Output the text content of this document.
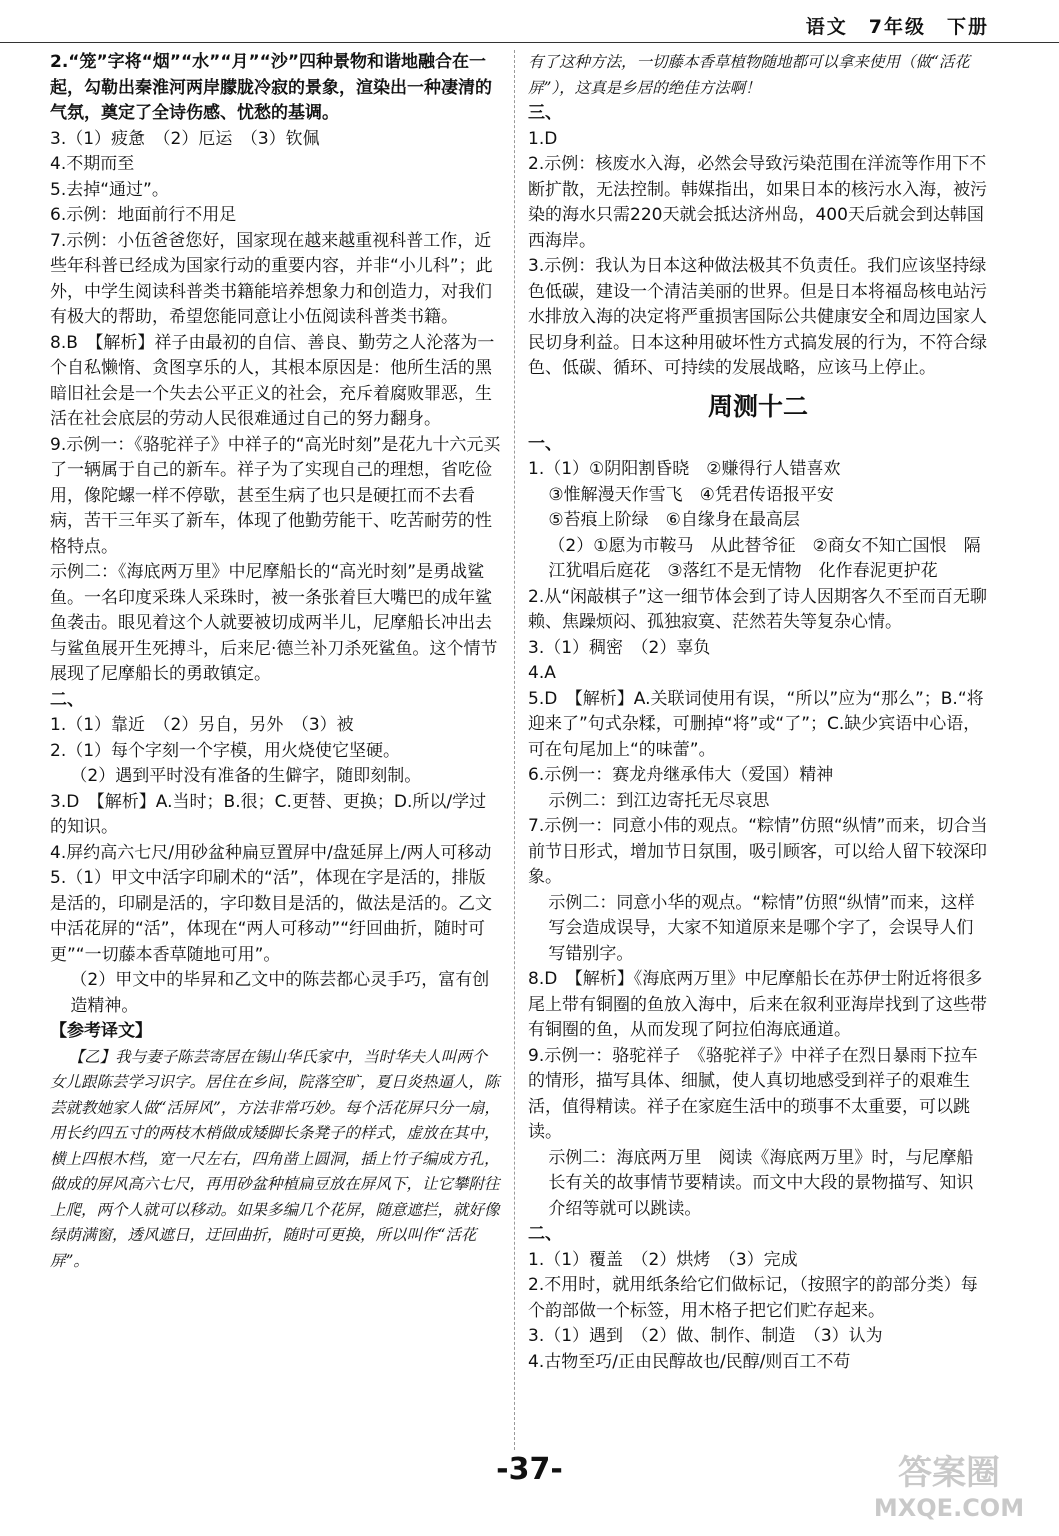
语文　7年级　下册

2.“笼”字将“烟”“水”“月”“沙”四种景物和谐地融合在一起，勾勒出秦淮河两岸朦胧冷寂的景象，渲染出一种凄清的气氛，奠定了全诗伤感、忧愁的基调。

3.（1）疲惫　（2）厄运　（3）钦佩

4.不期而至

5.去掉“通过”。

6.示例：地面前行不用足

7.示例：小伍爸爸您好，国家现在越来越重视科普工作，近些年科普已经成为国家行动的重要内容，并非“小儿科”；此外，中学生阅读科普类书籍能培养想象力和创造力，对我们有极大的帮助，希望您能同意让小伍阅读科普类书籍。

8.B　【解析】祥子由最初的自信、善良、勤劳之人沦落为一个自私懒惰、贪图享乐的人，其根本原因是：他所生活的黑暗旧社会是一个失去公平正义的社会，充斥着腐败罪恶，生活在社会底层的劳动人民很难通过自己的努力翻身。

9.示例一：《骆驼祥子》中祥子的“高光时刻”是花九十六元买了一辆属于自己的新车。祥子为了实现自己的理想，省吃俭用，像陀螺一样不停歇，甚至生病了也只是硬扛而不去看病，苦干三年买了新车，体现了他勤劳能干、吃苦耐劳的性格特点。

示例二：《海底两万里》中尼摩船长的“高光时刻”是勇战鲨鱼。一名印度采珠人采珠时，被一条张着巨大嘴巴的成年鲨鱼袭击。眼见着这个人就要被切成两半儿，尼摩船长冲出去与鲨鱼展开生死搏斗，后来尼·德兰补刀杀死鲨鱼。这个情节展现了尼摩船长的勇敢镇定。

二、

1.（1）靠近　（2）另自，另外　（3）被

2.（1）每个字刻一个字模，用火烧使它坚硬。

（2）遇到平时没有准备的生僻字，随即刻制。

3.D　【解析】A.当时；B.很；C.更替、更换；D.所以/学过的知识。

4.屏约高六七尺/用砂盆种扁豆置屏中/盘延屏上/两人可移动

5.（1）甲文中活字印刷术的“活”，体现在字是活的，排版是活的，印刷是活的，字印数目是活的，做法是活的。乙文中活花屏的“活”，体现在“两人可移动”“纡回曲折，随时可更”“一切藤本香草随地可用”。

（2）甲文中的毕昇和乙文中的陈芸都心灵手巧，富有创造精神。

【参考译文】

【乙】我与妻子陈芸寄居在锡山华氏家中，当时华夫人叫两个女儿跟陈芸学习识字。居住在乡间，院落空旷，夏日炎热逼人，陈芸就教她家人做“活屏风”，方法非常巧妙。每个活花屏只分一扇，用长约四五寸的两枝木梢做成矮脚长条凳子的样式，虚放在其中，横上四根木档，宽一尺左右，四角凿上圆洞，插上竹子编成方孔，做成的屏风高六七尺，再用砂盆种植扁豆放在屏风下，让它攀附往上爬，两个人就可以移动。如果多编几个花屏，随意遮拦，就好像绿荫满窗，透风遮日，迂回曲折，随时可更换，所以叫作“活花屏”。

有了这种方法，一切藤本香草植物随地都可以拿来使用（做“活花屏”），这真是乡居的绝佳方法啊！

三、

1.D

2.示例：核废水入海，必然会导致污染范围在洋流等作用下不断扩散，无法控制。韩媒指出，如果日本的核污水入海，被污染的海水只需220天就会抵达济州岛，400天后就会到达韩国西海岸。

3.示例：我认为日本这种做法极其不负责任。我们应该坚持绿色低碳，建设一个清洁美丽的世界。但是日本将福岛核电站污水排放入海的决定将严重损害国际公共健康安全和周边国家人民切身利益。日本这种用破坏性方式搞发展的行为，不符合绿色、低碳、循环、可持续的发展战略，应该马上停止。

周测十二

一、

1.（1）①阴阳割昏晓　②赚得行人错喜欢

③惟解漫天作雪飞　④凭君传语报平安

⑤苔痕上阶绿　⑥自缘身在最高层

（2）①愿为市鞍马　从此替爷征　②商女不知亡国恨　隔江犹唱后庭花　③落红不是无情物　化作春泥更护花

2.从“闲敲棋子”这一细节体会到了诗人因期客久不至而百无聊赖、焦躁烦闷、孤独寂寞、茫然若失等复杂心情。

3.（1）稠密　（2）辜负

4.A

5.D　【解析】A.关联词使用有误，“所以”应为“那么”；B.“将迎来了”句式杂糅，可删掉“将”或“了”；C.缺少宾语中心语，可在句尾加上“的味蕾”。

6.示例一：赛龙舟继承伟大（爱国）精神

示例二：到江边寄托无尽哀思

7.示例一：同意小伟的观点。“粽情”仿照“纵情”而来，切合当前节日形式，增加节日氛围，吸引顾客，可以给人留下较深印象。

示例二：同意小华的观点。“粽情”仿照“纵情”而来，这样写会造成误导，大家不知道原来是哪个字了，会误导人们写错别字。

8.D　【解析】《海底两万里》中尼摩船长在苏伊士附近将很多尾上带有铜圈的鱼放入海中，后来在叙利亚海岸找到了这些带有铜圈的鱼，从而发现了阿拉伯海底通道。

9.示例一：骆驼祥子　《骆驼祥子》中祥子在烈日暴雨下拉车的情形，描写具体、细腻，使人真切地感受到祥子的艰难生活，值得精读。祥子在家庭生活中的琐事不太重要，可以跳读。

示例二：海底两万里　阅读《海底两万里》时，与尼摩船长有关的故事情节要精读。而文中大段的景物描写、知识介绍等就可以跳读。

二、

1.（1）覆盖　（2）烘烤　（3）完成

2.不用时，就用纸条给它们做标记，（按照字的韵部分类）每个韵部做一个标签，用木格子把它们贮存起来。

3.（1）遇到　（2）做、制作、制造　（3）认为

4.古物至巧/正由民醇故也/民醇/则百工不苟

-37-	答案圈
MXQE.COM
